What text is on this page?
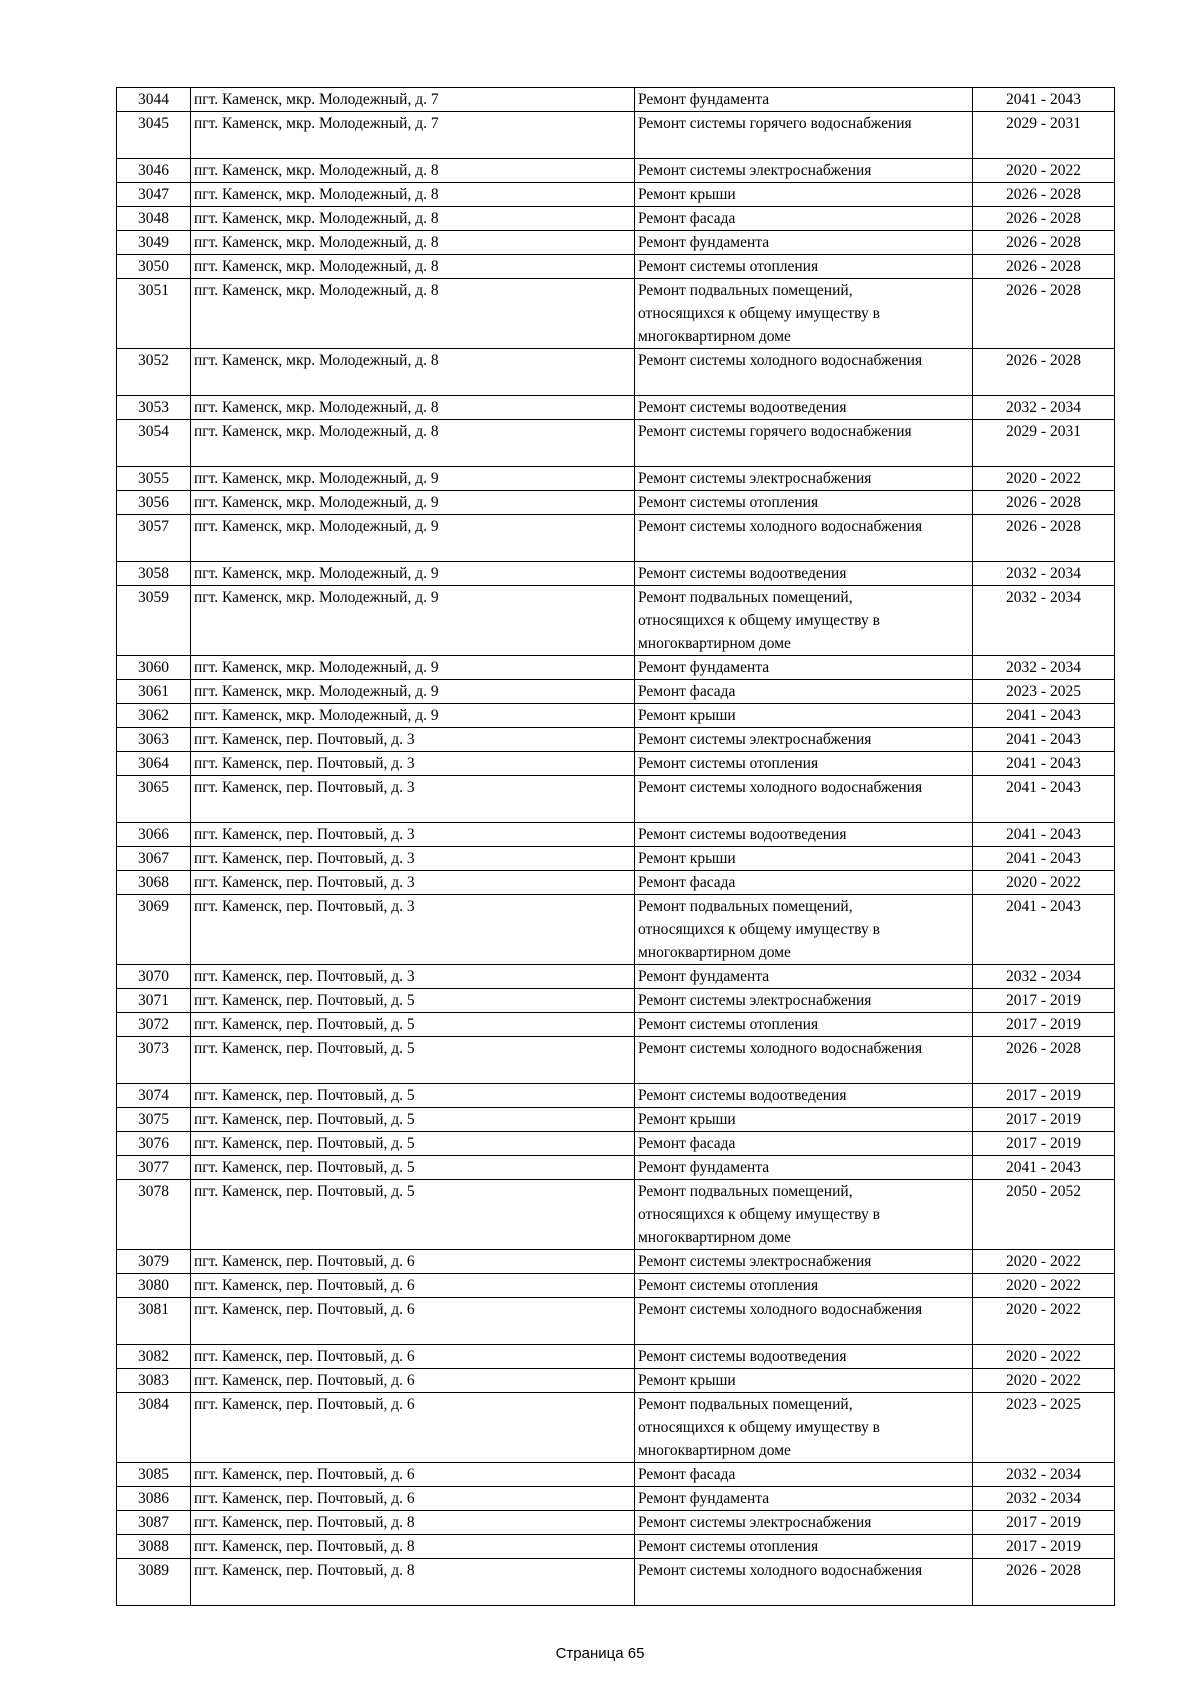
3044	пгт. Каменск, мкр. Молодежный, д. 7	Ремонт фундамента	2041 - 2043
3045	пгт. Каменск, мкр. Молодежный, д. 7	Ремонт системы горячего водоснабжения	2029 - 2031
3046	пгт. Каменск, мкр. Молодежный, д. 8	Ремонт системы электроснабжения	2020 - 2022
3047	пгт. Каменск, мкр. Молодежный, д. 8	Ремонт крыши	2026 - 2028
3048	пгт. Каменск, мкр. Молодежный, д. 8	Ремонт фасада	2026 - 2028
3049	пгт. Каменск, мкр. Молодежный, д. 8	Ремонт фундамента	2026 - 2028
3050	пгт. Каменск, мкр. Молодежный, д. 8	Ремонт системы отопления	2026 - 2028
3051	пгт. Каменск, мкр. Молодежный, д. 8	Ремонт подвальных помещений,
относящихся к общему имуществу в
многоквартирном доме	2026 - 2028
3052	пгт. Каменск, мкр. Молодежный, д. 8	Ремонт системы холодного водоснабжения	2026 - 2028
3053	пгт. Каменск, мкр. Молодежный, д. 8	Ремонт системы водоотведения	2032 - 2034
3054	пгт. Каменск, мкр. Молодежный, д. 8	Ремонт системы горячего водоснабжения	2029 - 2031
3055	пгт. Каменск, мкр. Молодежный, д. 9	Ремонт системы электроснабжения	2020 - 2022
3056	пгт. Каменск, мкр. Молодежный, д. 9	Ремонт системы отопления	2026 - 2028
3057	пгт. Каменск, мкр. Молодежный, д. 9	Ремонт системы холодного водоснабжения	2026 - 2028
3058	пгт. Каменск, мкр. Молодежный, д. 9	Ремонт системы водоотведения	2032 - 2034
3059	пгт. Каменск, мкр. Молодежный, д. 9	Ремонт подвальных помещений,
относящихся к общему имуществу в
многоквартирном доме	2032 - 2034
3060	пгт. Каменск, мкр. Молодежный, д. 9	Ремонт фундамента	2032 - 2034
3061	пгт. Каменск, мкр. Молодежный, д. 9	Ремонт фасада	2023 - 2025
3062	пгт. Каменск, мкр. Молодежный, д. 9	Ремонт крыши	2041 - 2043
3063	пгт. Каменск, пер. Почтовый, д. 3	Ремонт системы электроснабжения	2041 - 2043
3064	пгт. Каменск, пер. Почтовый, д. 3	Ремонт системы отопления	2041 - 2043
3065	пгт. Каменск, пер. Почтовый, д. 3	Ремонт системы холодного водоснабжения	2041 - 2043
3066	пгт. Каменск, пер. Почтовый, д. 3	Ремонт системы водоотведения	2041 - 2043
3067	пгт. Каменск, пер. Почтовый, д. 3	Ремонт крыши	2041 - 2043
3068	пгт. Каменск, пер. Почтовый, д. 3	Ремонт фасада	2020 - 2022
3069	пгт. Каменск, пер. Почтовый, д. 3	Ремонт подвальных помещений,
относящихся к общему имуществу в
многоквартирном доме	2041 - 2043
3070	пгт. Каменск, пер. Почтовый, д. 3	Ремонт фундамента	2032 - 2034
3071	пгт. Каменск, пер. Почтовый, д. 5	Ремонт системы электроснабжения	2017 - 2019
3072	пгт. Каменск, пер. Почтовый, д. 5	Ремонт системы отопления	2017 - 2019
3073	пгт. Каменск, пер. Почтовый, д. 5	Ремонт системы холодного водоснабжения	2026 - 2028
3074	пгт. Каменск, пер. Почтовый, д. 5	Ремонт системы водоотведения	2017 - 2019
3075	пгт. Каменск, пер. Почтовый, д. 5	Ремонт крыши	2017 - 2019
3076	пгт. Каменск, пер. Почтовый, д. 5	Ремонт фасада	2017 - 2019
3077	пгт. Каменск, пер. Почтовый, д. 5	Ремонт фундамента	2041 - 2043
3078	пгт. Каменск, пер. Почтовый, д. 5	Ремонт подвальных помещений,
относящихся к общему имуществу в
многоквартирном доме	2050 - 2052
3079	пгт. Каменск, пер. Почтовый, д. 6	Ремонт системы электроснабжения	2020 - 2022
3080	пгт. Каменск, пер. Почтовый, д. 6	Ремонт системы отопления	2020 - 2022
3081	пгт. Каменск, пер. Почтовый, д. 6	Ремонт системы холодного водоснабжения	2020 - 2022
3082	пгт. Каменск, пер. Почтовый, д. 6	Ремонт системы водоотведения	2020 - 2022
3083	пгт. Каменск, пер. Почтовый, д. 6	Ремонт крыши	2020 - 2022
3084	пгт. Каменск, пер. Почтовый, д. 6	Ремонт подвальных помещений,
относящихся к общему имуществу в
многоквартирном доме	2023 - 2025
3085	пгт. Каменск, пер. Почтовый, д. 6	Ремонт фасада	2032 - 2034
3086	пгт. Каменск, пер. Почтовый, д. 6	Ремонт фундамента	2032 - 2034
3087	пгт. Каменск, пер. Почтовый, д. 8	Ремонт системы электроснабжения	2017 - 2019
3088	пгт. Каменск, пер. Почтовый, д. 8	Ремонт системы отопления	2017 - 2019
3089	пгт. Каменск, пер. Почтовый, д. 8	Ремонт системы холодного водоснабжения	2026 - 2028
Страница 65
